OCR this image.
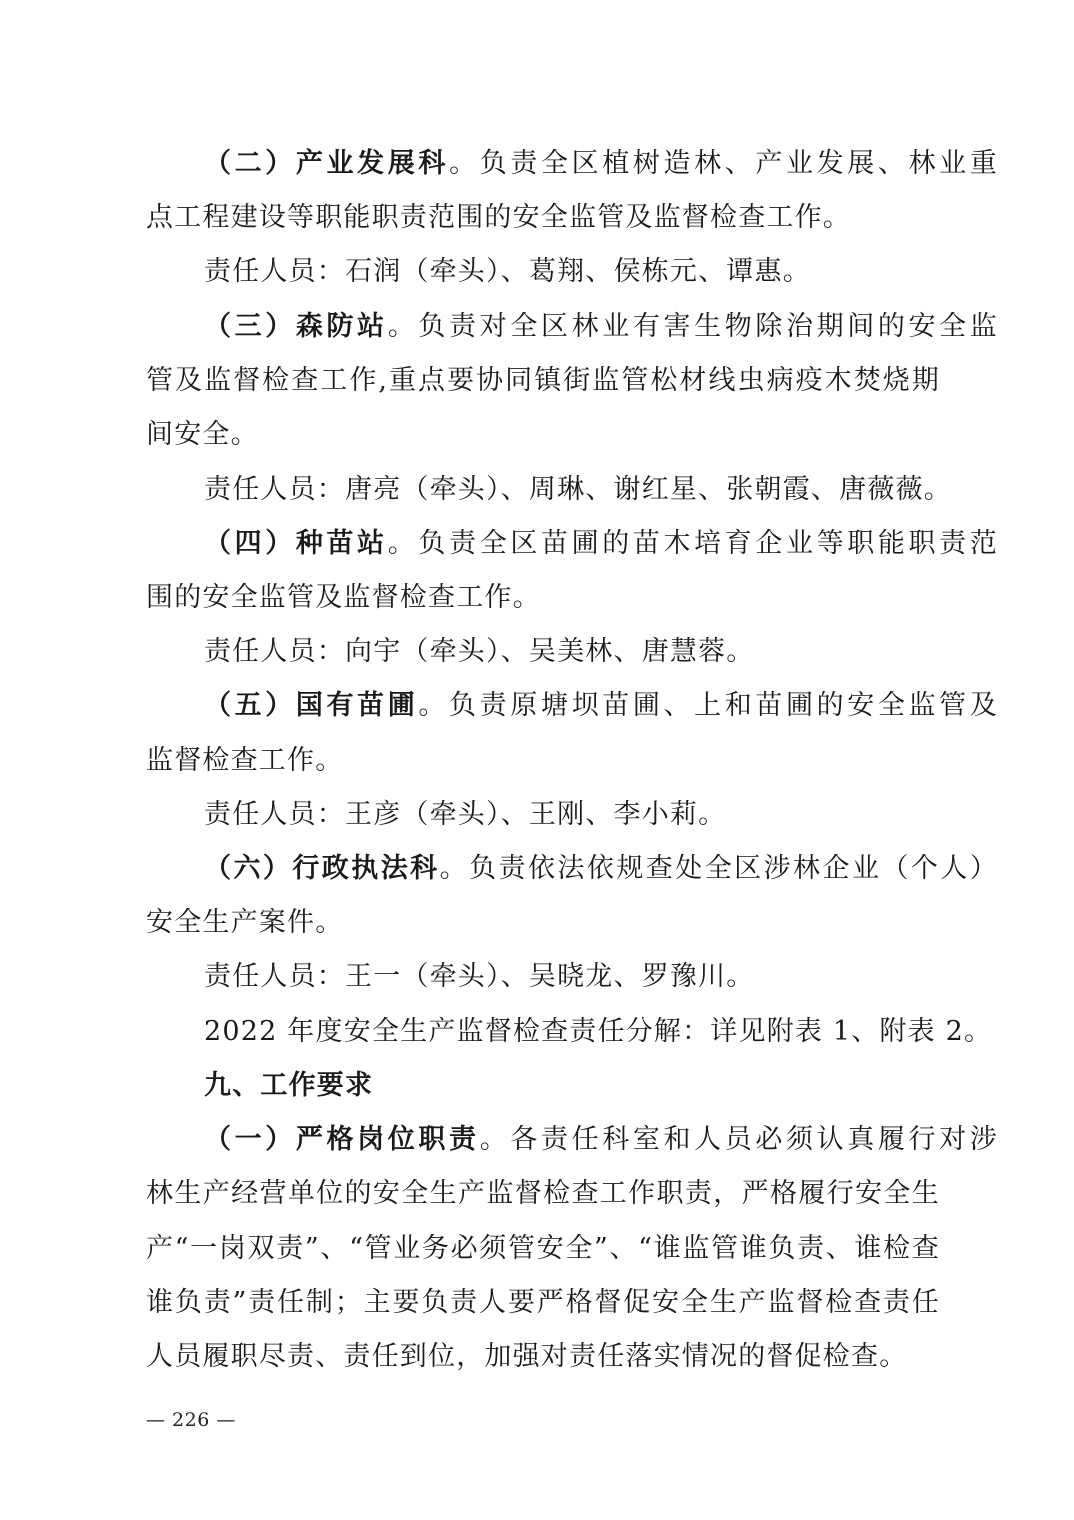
（二）产业发展科。负责全区植树造林、产业发展、林业重
点工程建设等职能职责范围的安全监管及监督检查工作。
责任人员：石润（牵头）、葛翔、侯栋元、谭惠。
（三）森防站。负责对全区林业有害生物除治期间的安全监
管及监督检查工作,重点要协同镇街监管松材线虫病疫木焚烧期
间安全。
责任人员：唐亮（牵头）、周琳、谢红星、张朝霞、唐薇薇。
（四）种苗站。负责全区苗圃的苗木培育企业等职能职责范
围的安全监管及监督检查工作。
责任人员：向宇（牵头）、吴美林、唐慧蓉。
（五）国有苗圃。负责原塘坝苗圃、上和苗圃的安全监管及
监督检查工作。
责任人员：王彦（牵头）、王刚、李小莉。
（六）行政执法科。负责依法依规查处全区涉林企业（个人）
安全生产案件。
责任人员：王一（牵头）、吴晓龙、罗豫川。
2022 年度安全生产监督检查责任分解：详见附表 1、附表 2。
九、工作要求
（一）严格岗位职责。各责任科室和人员必须认真履行对涉
林生产经营单位的安全生产监督检查工作职责，严格履行安全生
产“一岗双责”、“管业务必须管安全”、“谁监管谁负责、谁检查
谁负责”责任制；主要负责人要严格督促安全生产监督检查责任
人员履职尽责、责任到位，加强对责任落实情况的督促检查。
— 226 —
